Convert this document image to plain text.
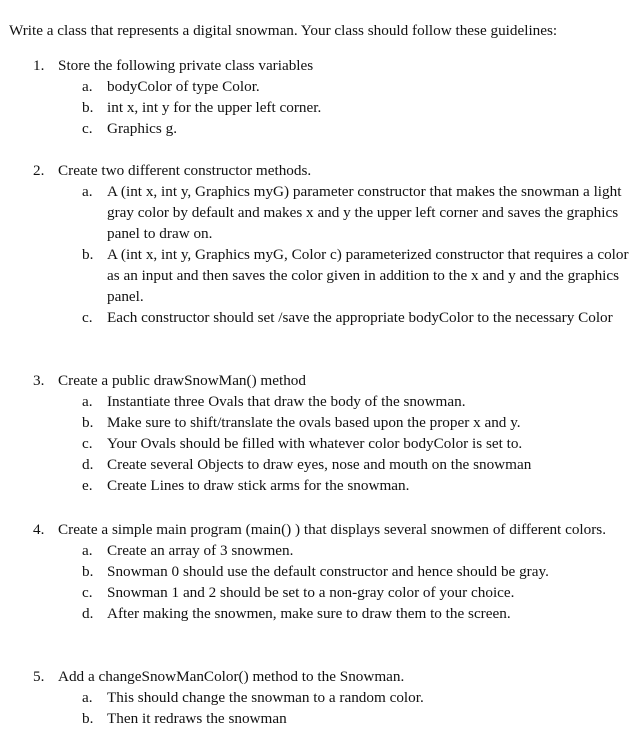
Write a class that represents a digital snowman. Your class should follow these guidelines:
1. Store the following private class variables
a. bodyColor of type Color.
b. int x, int y for the upper left corner.
c. Graphics g.
2. Create two different constructor methods.
a. A (int x, int y, Graphics myG) parameter constructor that makes the snowman a light gray color by default and makes x and y the upper left corner and saves the graphics panel to draw on.
b. A (int x, int y, Graphics myG, Color c) parameterized constructor that requires a color as an input and then saves the color given in addition to the x and y and the graphics panel.
c. Each constructor should set /save the appropriate bodyColor to the necessary Color
3. Create a public drawSnowMan() method
a. Instantiate three Ovals that draw the body of the snowman.
b. Make sure to shift/translate the ovals based upon the proper x and y.
c. Your Ovals should be filled with whatever color bodyColor is set to.
d. Create several Objects to draw eyes, nose and mouth on the snowman
e. Create Lines to draw stick arms for the snowman.
4. Create a simple main program (main() ) that displays several snowmen of different colors.
a. Create an array of 3 snowmen.
b. Snowman 0 should use the default constructor and hence should be gray.
c. Snowman 1 and 2 should be set to a non-gray color of your choice.
d. After making the snowmen, make sure to draw them to the screen.
5. Add a changeSnowManColor() method to the Snowman.
a. This should change the snowman to a random color.
b. Then it redraws the snowman
